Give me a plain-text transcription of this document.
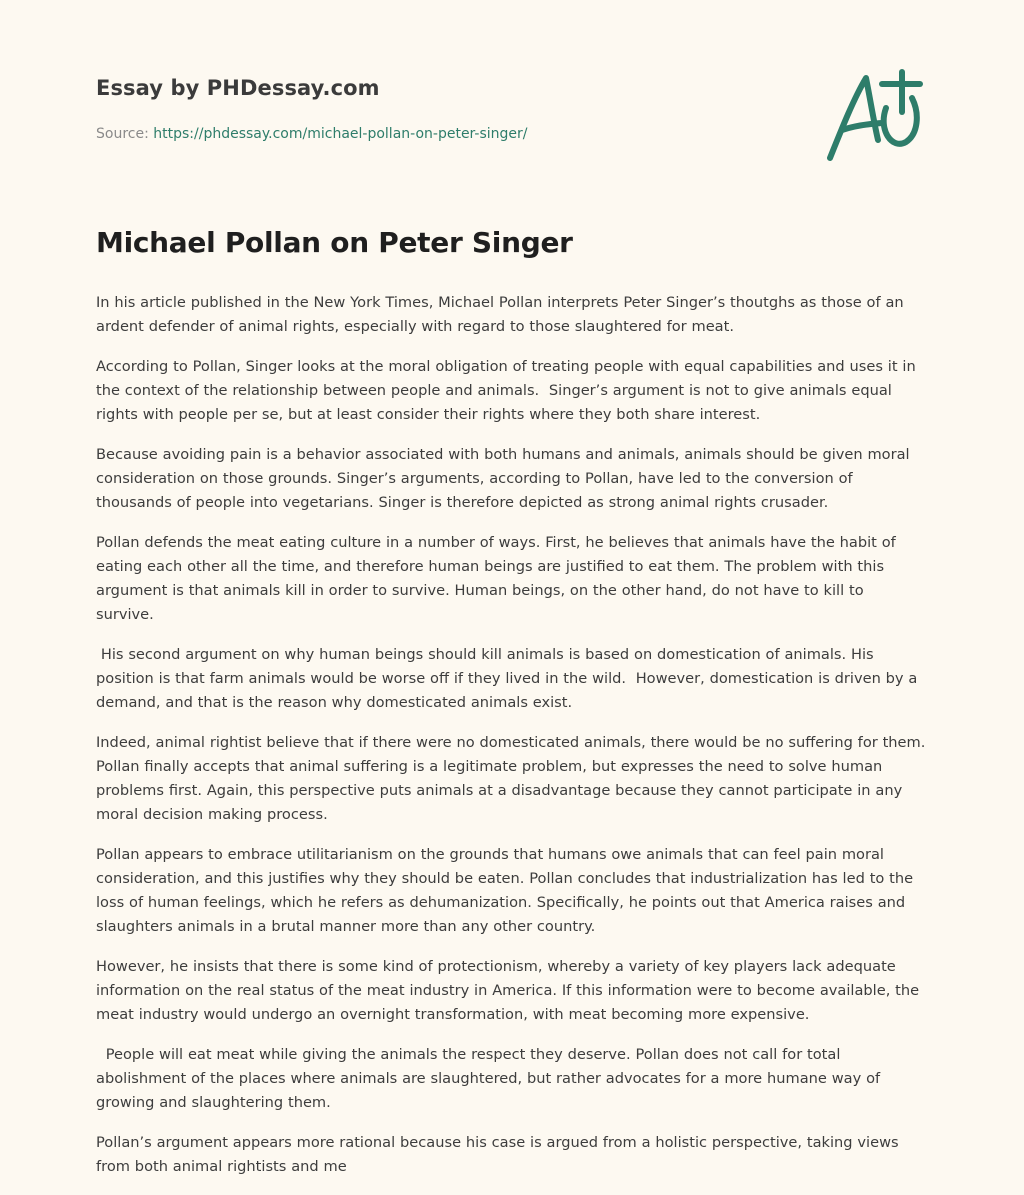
Essay by PHDessay.com
Source: https://phdessay.com/michael-pollan-on-peter-singer/
Michael Pollan on Peter Singer

In his article published in the New York Times, Michael Pollan interprets Peter Singer’s thoutghs as those of an ardent defender of animal rights, especially with regard to those slaughtered for meat.

According to Pollan, Singer looks at the moral obligation of treating people with equal capabilities and uses it in the context of the relationship between people and animals.  Singer’s argument is not to give animals equal rights with people per se, but at least consider their rights where they both share interest.

Because avoiding pain is a behavior associated with both humans and animals, animals should be given moral consideration on those grounds. Singer’s arguments, according to Pollan, have led to the conversion of thousands of people into vegetarians. Singer is therefore depicted as strong animal rights crusader.

Pollan defends the meat eating culture in a number of ways. First, he believes that animals have the habit of eating each other all the time, and therefore human beings are justified to eat them. The problem with this argument is that animals kill in order to survive. Human beings, on the other hand, do not have to kill to survive.

His second argument on why human beings should kill animals is based on domestication of animals. His position is that farm animals would be worse off if they lived in the wild.  However, domestication is driven by a demand, and that is the reason why domesticated animals exist.

Indeed, animal rightist believe that if there were no domesticated animals, there would be no suffering for them. Pollan finally accepts that animal suffering is a legitimate problem, but expresses the need to solve human problems first. Again, this perspective puts animals at a disadvantage because they cannot participate in any moral decision making process.

Pollan appears to embrace utilitarianism on the grounds that humans owe animals that can feel pain moral consideration, and this justifies why they should be eaten. Pollan concludes that industrialization has led to the loss of human feelings, which he refers as dehumanization. Specifically, he points out that America raises and slaughters animals in a brutal manner more than any other country.

However, he insists that there is some kind of protectionism, whereby a variety of key players lack adequate information on the real status of the meat industry in America. If this information were to become available, the meat industry would undergo an overnight transformation, with meat becoming more expensive.

People will eat meat while giving the animals the respect they deserve. Pollan does not call for total abolishment of the places where animals are slaughtered, but rather advocates for a more humane way of growing and slaughtering them.

Pollan’s argument appears more rational because his case is argued from a holistic perspective, taking views from both animal rightists and me
